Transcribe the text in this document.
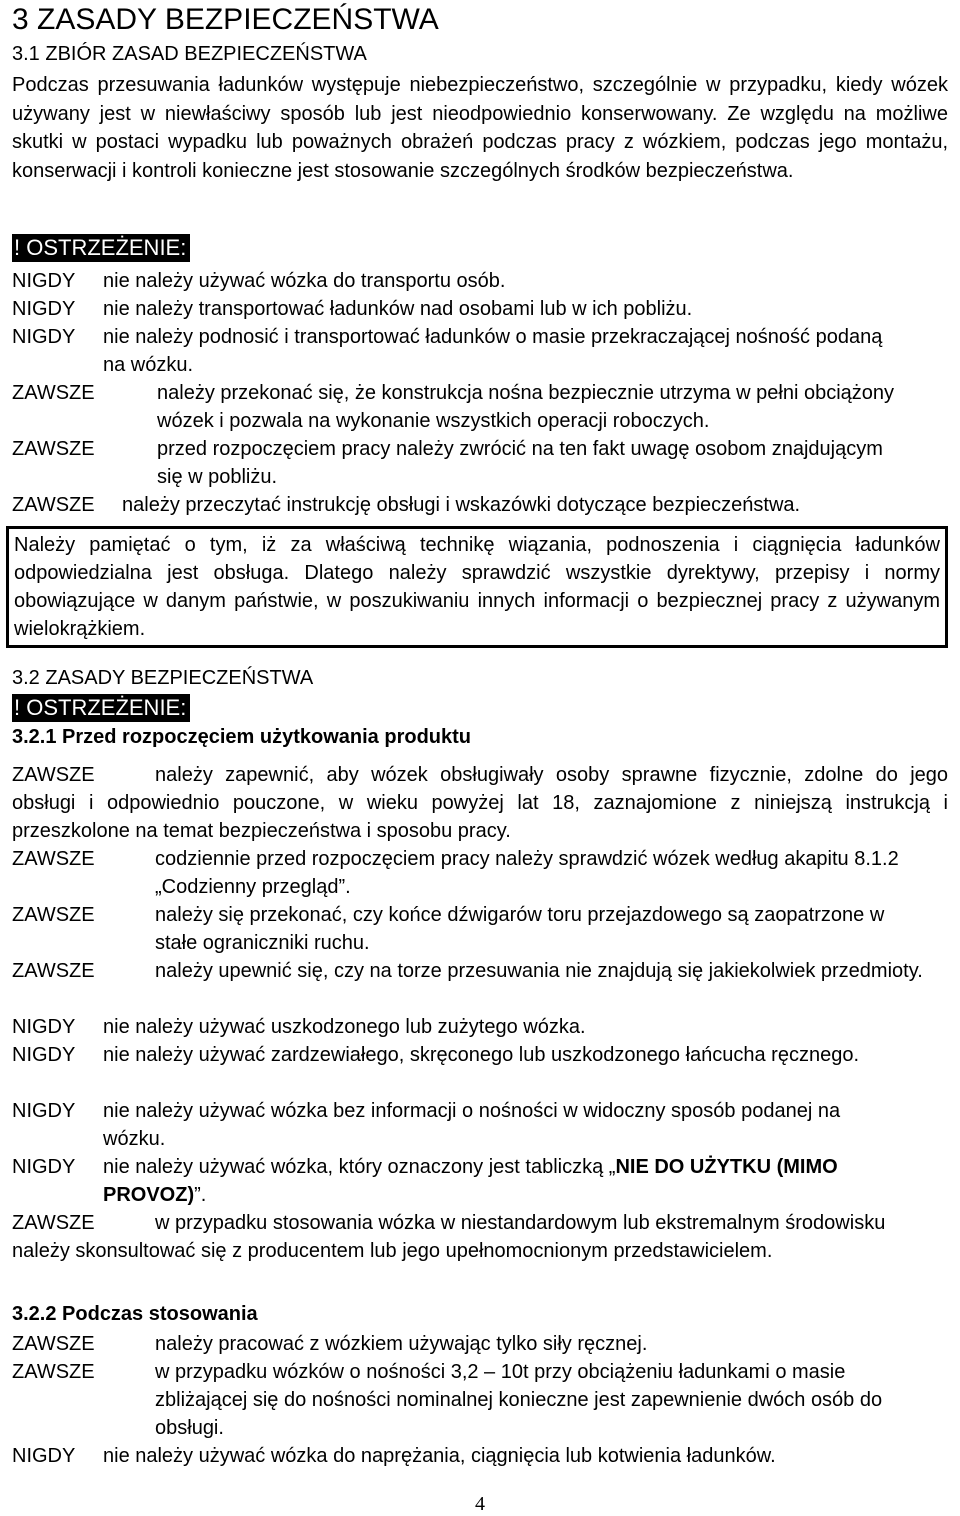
3 ZASADY BEZPIECZEŃSTWA
3.1 ZBIÓR ZASAD BEZPIECZEŃSTWA
Podczas przesuwania ładunków występuje niebezpieczeństwo, szczególnie w przypadku, kiedy wózek używany jest w niewłaściwy sposób lub jest nieodpowiednio konserwowany. Ze względu na możliwe skutki w postaci wypadku lub poważnych obrażeń podczas pracy z wózkiem, podczas jego montażu, konserwacji i kontroli konieczne jest stosowanie szczególnych środków bezpieczeństwa.
! OSTRZEŻENIE:
NIGDY	nie należy używać wózka do transportu osób.
NIGDY	nie należy transportować ładunków nad osobami lub w ich pobliżu.
NIGDY	nie należy podnosić i transportować ładunków o masie przekraczającej nośność podaną na wózku.
ZAWSZE	należy przekonać się, że konstrukcja nośna bezpiecznie utrzyma w pełni obciążony wózek i pozwala na wykonanie wszystkich operacji roboczych.
ZAWSZE	przed rozpoczęciem pracy należy zwrócić na ten fakt uwagę osobom znajdującym się w pobliżu.
ZAWSZE	należy przeczytać instrukcję obsługi i wskazówki dotyczące bezpieczeństwa.
Należy pamiętać o tym, iż za właściwą technikę wiązania, podnoszenia i ciągnięcia ładunków odpowiedzialna jest obsługa. Dlatego należy sprawdzić wszystkie dyrektywy, przepisy i normy obowiązujące w danym państwie, w poszukiwaniu innych informacji o bezpiecznej pracy z używanym wielokrążkiem.
3.2 ZASADY BEZPIECZEŃSTWA
! OSTRZEŻENIE:
3.2.1 Przed rozpoczęciem użytkowania produktu
ZAWSZE	należy zapewnić, aby wózek obsługiwały osoby sprawne fizycznie, zdolne do jego obsługi i odpowiednio pouczone, w wieku powyżej lat 18, zaznajomione z niniejszą instrukcją i przeszkolone na temat bezpieczeństwa i sposobu pracy.
ZAWSZE	codziennie przed rozpoczęciem pracy należy sprawdzić wózek według akapitu 8.1.2 „Codzienny przegląd”.
ZAWSZE	należy się przekonać, czy końce dźwigarów toru przejazdowego są zaopatrzone w stałe ograniczniki ruchu.
ZAWSZE	należy upewnić się, czy na torze przesuwania nie znajdują się jakiekolwiek przedmioty.
NIGDY	nie należy używać uszkodzonego lub zużytego wózka.
NIGDY	nie należy używać zardzewiałego, skręconego lub uszkodzonego łańcucha ręcznego.
NIGDY	nie należy używać wózka bez informacji o nośności w widoczny sposób podanej na wózku.
NIGDY	nie należy używać wózka, który oznaczony jest tabliczką „NIE DO UŻYTKU (MIMO PROVOZ)”.
ZAWSZE	w przypadku stosowania wózka w niestandardowym lub ekstremalnym środowisku należy skonsultować się z producentem lub jego upełnomocnionym przedstawicielem.
3.2.2 Podczas stosowania
ZAWSZE	należy pracować z wózkiem używając tylko siły ręcznej.
ZAWSZE	w przypadku wózków o nośności 3,2 – 10t przy obciążeniu ładunkami o masie zbliżającej się do nośności nominalnej konieczne jest zapewnienie dwóch osób do obsługi.
NIGDY	nie należy używać wózka do naprężania, ciągnięcia lub kotwienia ładunków.
4
